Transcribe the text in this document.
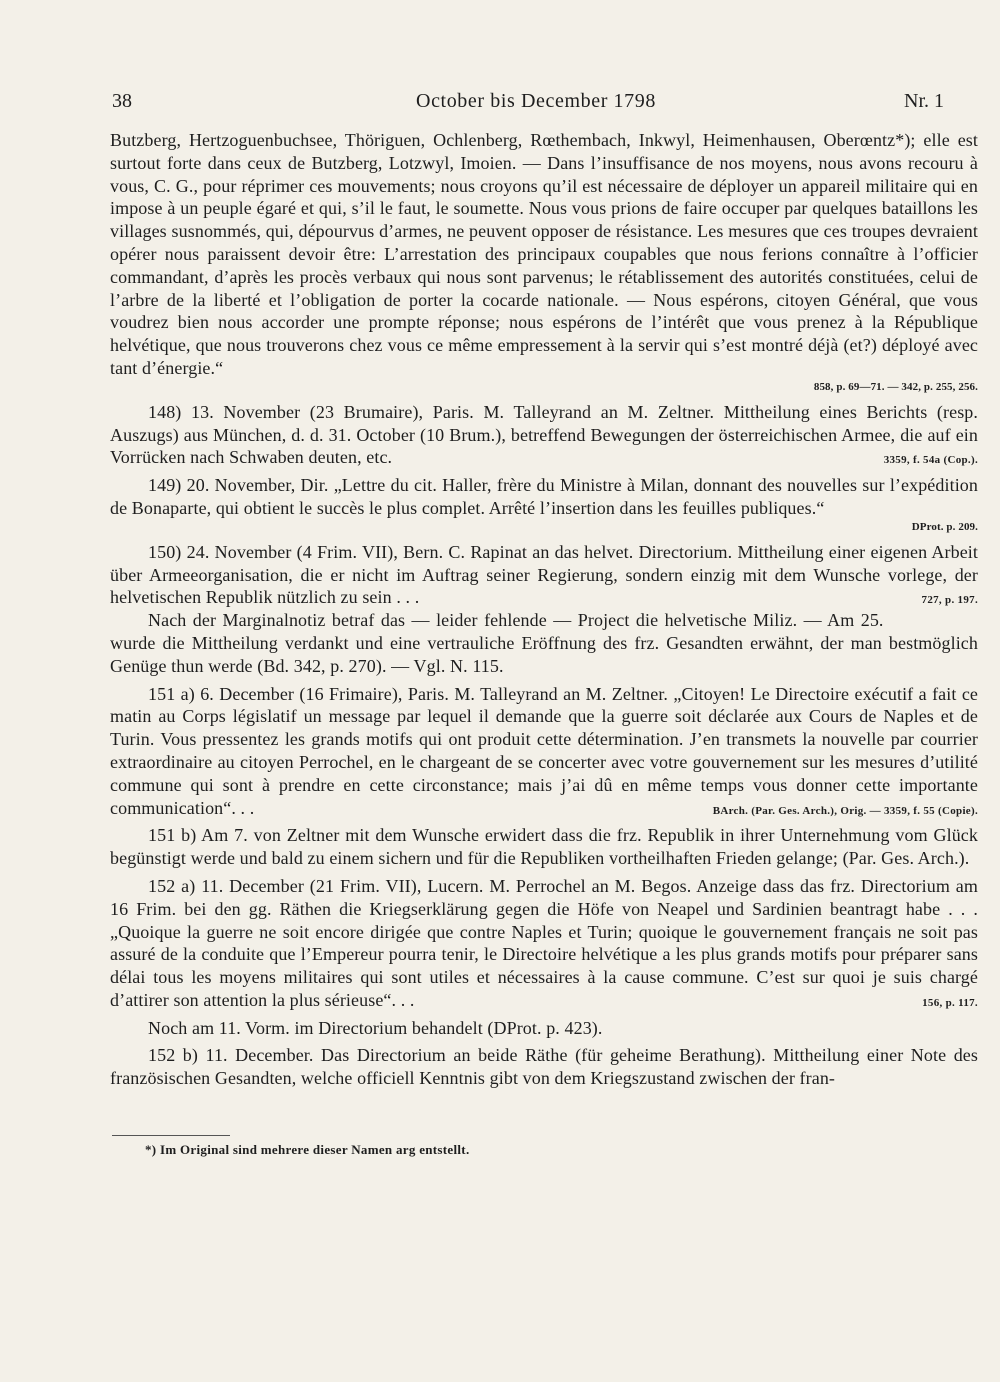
38	October bis December 1798	Nr. 1

Butzberg, Hertzoguenbuchsee, Thöriguen, Ochlenberg, Rœthembach, Inkwyl, Heimenhausen, Oberœntz*); elle est surtout forte dans ceux de Butzberg, Lotzwyl, Imoien. — Dans l’insuffisance de nos moyens, nous avons recouru à vous, C. G., pour réprimer ces mouvements; nous croyons qu’il est nécessaire de déployer un appareil militaire qui en impose à un peuple égaré et qui, s’il le faut, le soumette. Nous vous prions de faire occuper par quelques bataillons les villages susnommés, qui, dépourvus d’armes, ne peuvent opposer de résistance. Les mesures que ces troupes devraient opérer nous paraissent devoir être: L’arrestation des principaux coupables que nous ferions connaître à l’officier commandant, d’après les procès verbaux qui nous sont parvenus; le rétablissement des autorités constituées, celui de l’arbre de la liberté et l’obligation de porter la cocarde nationale. — Nous espérons, citoyen Général, que vous voudrez bien nous accorder une prompte réponse; nous espérons de l’intérêt que vous prenez à la République helvétique, que nous trouverons chez vous ce même empressement à la servir qui s’est montré déjà (et?) déployé avec tant d’énergie.“

858, p. 69—71. — 342, p. 255, 256.

148) 13. November (23 Brumaire), Paris. M. Talleyrand an M. Zeltner. Mittheilung eines Berichts (resp. Auszugs) aus München, d. d. 31. October (10 Brum.), betreffend Bewegungen der österreichischen Armee, die auf ein Vorrücken nach Schwaben deuten, etc.	3359, f. 54a (Cop.).

149) 20. November, Dir. „Lettre du cit. Haller, frère du Ministre à Milan, donnant des nouvelles sur l’expédition de Bonaparte, qui obtient le succès le plus complet. Arrêté l’insertion dans les feuilles publiques.“

DProt. p. 209.

150) 24. November (4 Frim. VII), Bern. C. Rapinat an das helvet. Directorium. Mittheilung einer eigenen Arbeit über Armeeorganisation, die er nicht im Auftrag seiner Regierung, sondern einzig mit dem Wunsche vorlege, der helvetischen Republik nützlich zu sein . . .	727, p. 197.

Nach der Marginalnotiz betraf das — leider fehlende — Project die helvetische Miliz. — Am 25. wurde die Mittheilung verdankt und eine vertrauliche Eröffnung des frz. Gesandten erwähnt, der man bestmöglich Genüge thun werde (Bd. 342, p. 270). — Vgl. N. 115.

151 a) 6. December (16 Frimaire), Paris. M. Talleyrand an M. Zeltner. „Citoyen! Le Directoire exécutif a fait ce matin au Corps législatif un message par lequel il demande que la guerre soit déclarée aux Cours de Naples et de Turin. Vous pressentez les grands motifs qui ont produit cette détermination. J’en transmets la nouvelle par courrier extraordinaire au citoyen Perrochel, en le chargeant de se concerter avec votre gouvernement sur les mesures d’utilité commune qui sont à prendre en cette circonstance; mais j’ai dû en même temps vous donner cette importante communication“. . .	BArch. (Par. Ges. Arch.), Orig. — 3359, f. 55 (Copie).

151 b) Am 7. von Zeltner mit dem Wunsche erwidert dass die frz. Republik in ihrer Unternehmung vom Glück begünstigt werde und bald zu einem sichern und für die Republiken vortheilhaften Frieden gelange; (Par. Ges. Arch.).

152 a) 11. December (21 Frim. VII), Lucern. M. Perrochel an M. Begos. Anzeige dass das frz. Directorium am 16 Frim. bei den gg. Räthen die Kriegserklärung gegen die Höfe von Neapel und Sardinien beantragt habe . . . „Quoique la guerre ne soit encore dirigée que contre Naples et Turin; quoique le gouvernement français ne soit pas assuré de la conduite que l’Empereur pourra tenir, le Directoire helvétique a les plus grands motifs pour préparer sans délai tous les moyens militaires qui sont utiles et nécessaires à la cause commune. C’est sur quoi je suis chargé d’attirer son attention la plus sérieuse“. . .	156, p. 117.

Noch am 11. Vorm. im Directorium behandelt (DProt. p. 423).

152 b) 11. December. Das Directorium an beide Räthe (für geheime Berathung). Mittheilung einer Note des französischen Gesandten, welche officiell Kenntnis gibt von dem Kriegszustand zwischen der fran-

*) Im Original sind mehrere dieser Namen arg entstellt.
